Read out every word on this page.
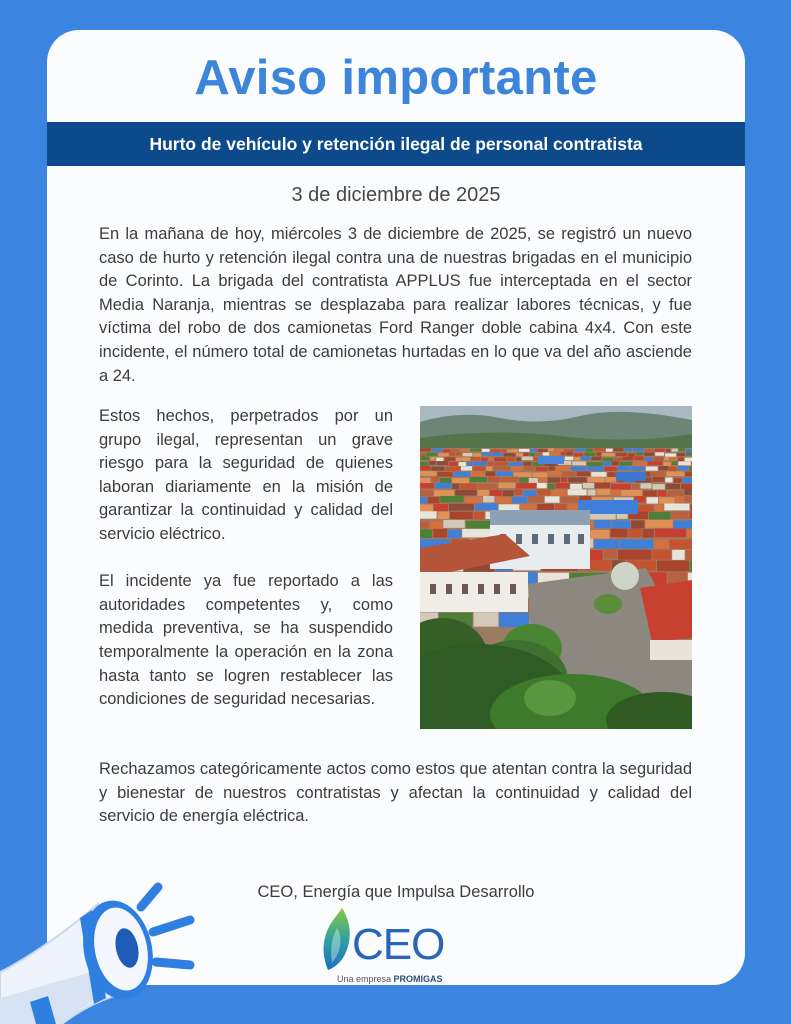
Aviso importante
Hurto de vehículo y retención ilegal de personal contratista
3 de diciembre de 2025

En la mañana de hoy, miércoles 3 de diciembre de 2025, se registró un nuevo caso de hurto y retención ilegal contra una de nuestras brigadas en el municipio de Corinto. La brigada del contratista APPLUS fue interceptada en el sector Media Naranja, mientras se desplazaba para realizar labores técnicas, y fue víctima del robo de dos camionetas Ford Ranger doble cabina 4x4. Con este incidente, el número total de camionetas hurtadas en lo que va del año asciende a 24.

Estos hechos, perpetrados por un grupo ilegal, representan un grave riesgo para la seguridad de quienes laboran diariamente en la misión de garantizar la continuidad y calidad del servicio eléctrico.

El incidente ya fue reportado a las autoridades competentes y, como medida preventiva, se ha suspendido temporalmente la operación en la zona hasta tanto se logren restablecer las condiciones de seguridad necesarias.

Rechazamos categóricamente actos como estos que atentan contra la seguridad y bienestar de nuestros contratistas y afectan la continuidad y calidad del servicio de energía eléctrica.

CEO, Energía que Impulsa Desarrollo
CEO
Una empresa PROMIGAS
